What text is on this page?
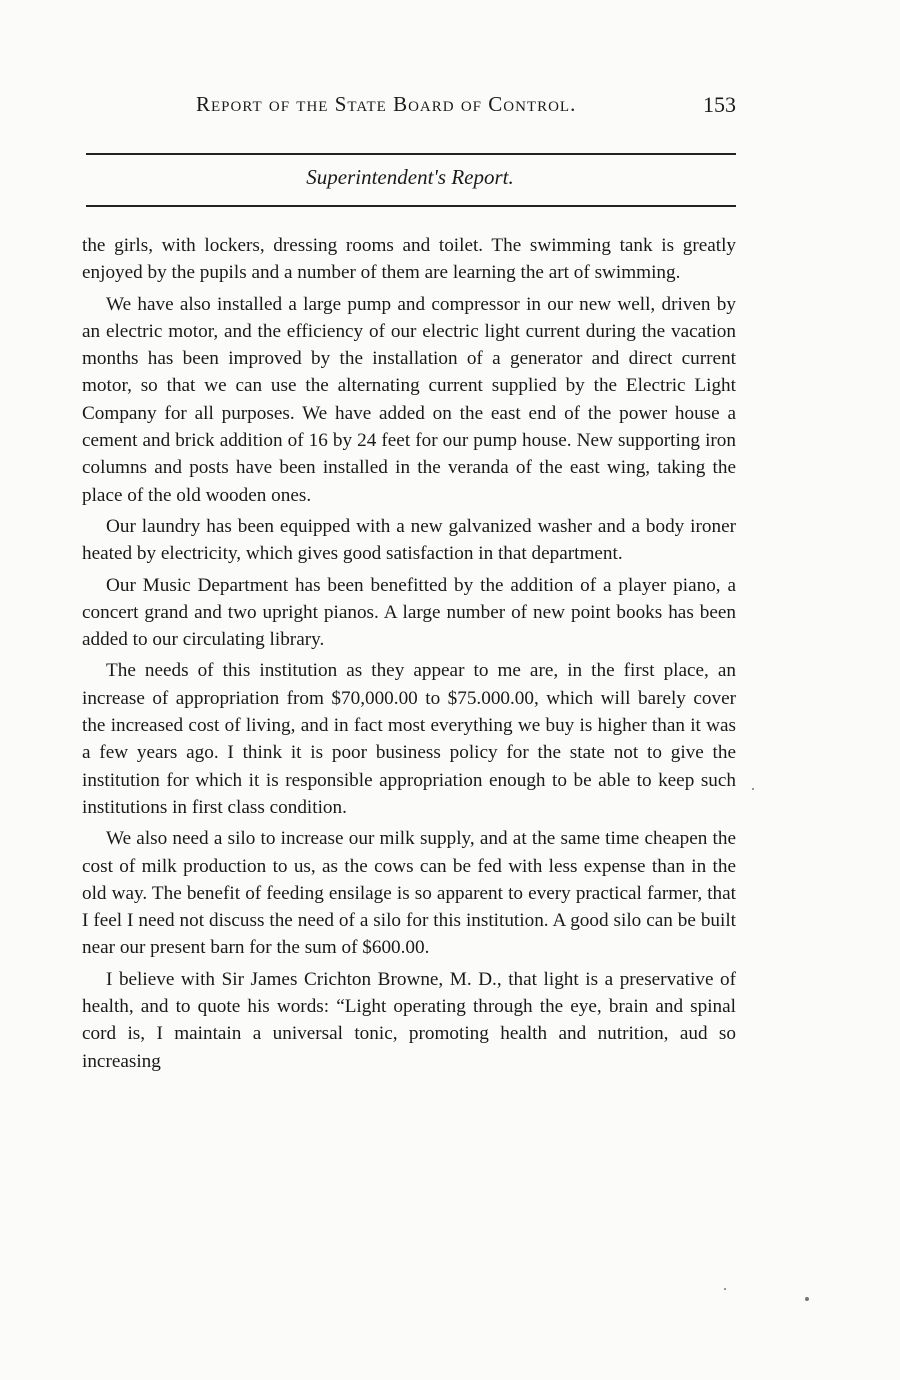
Report of the State Board of Control.	153
Superintendent's Report.

the girls, with lockers, dressing rooms and toilet. The swimming tank is greatly enjoyed by the pupils and a number of them are learning the art of swimming.

We have also installed a large pump and compressor in our new well, driven by an electric motor, and the efficiency of our electric light current during the vacation months has been improved by the installation of a generator and direct current motor, so that we can use the alternating current supplied by the Electric Light Company for all purposes. We have added on the east end of the power house a cement and brick addition of 16 by 24 feet for our pump house. New supporting iron columns and posts have been installed in the veranda of the east wing, taking the place of the old wooden ones.

Our laundry has been equipped with a new galvanized washer and a body ironer heated by electricity, which gives good satisfaction in that department.

Our Music Department has been benefitted by the addition of a player piano, a concert grand and two upright pianos. A large number of new point books has been added to our circulating library.

The needs of this institution as they appear to me are, in the first place, an increase of appropriation from $70,000.00 to $75.000.00, which will barely cover the increased cost of living, and in fact most everything we buy is higher than it was a few years ago. I think it is poor business policy for the state not to give the institution for which it is responsible appropriation enough to be able to keep such institutions in first class condition.

We also need a silo to increase our milk supply, and at the same time cheapen the cost of milk production to us, as the cows can be fed with less expense than in the old way. The benefit of feeding ensilage is so apparent to every practical farmer, that I feel I need not discuss the need of a silo for this institution. A good silo can be built near our present barn for the sum of $600.00.

I believe with Sir James Crichton Browne, M. D., that light is a preservative of health, and to quote his words: “Light operating through the eye, brain and spinal cord is, I maintain a universal tonic, promoting health and nutrition, aud so increasing
